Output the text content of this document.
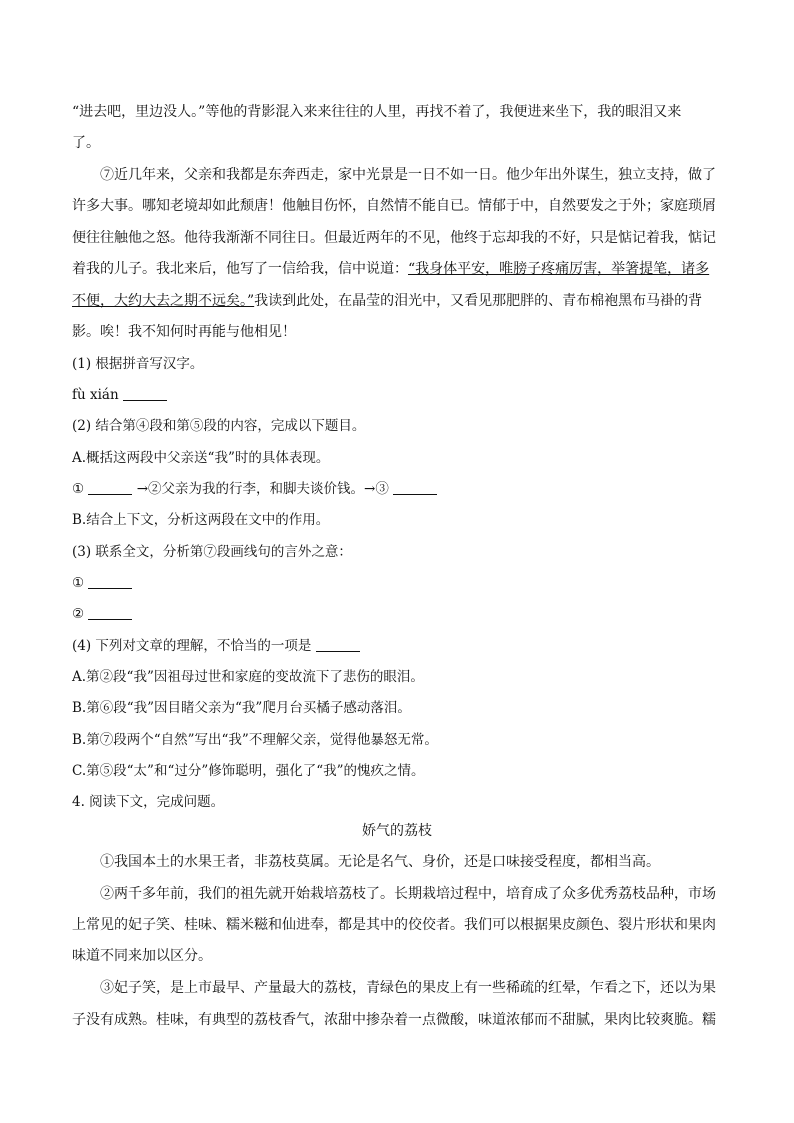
“进去吧，里边没人。”等他的背影混入来来往往的人里，再找不着了，我便进来坐下，我的眼泪又来
了。
⑦近几年来，父亲和我都是东奔西走，家中光景是一日不如一日。他少年出外谋生，独立支持，做了
许多大事。哪知老境却如此颓唐！他触目伤怀，自然情不能自已。情郁于中，自然要发之于外；家庭琐屑
便往往触他之怒。他待我渐渐不同往日。但最近两年的不见，他终于忘却我的不好，只是惦记着我，惦记
着我的儿子。我北来后，他写了一信给我，信中说道：“我身体平安，唯膀子疼痛厉害，举箸提笔，诸多
不便，大约大去之期不远矣。”我读到此处，在晶莹的泪光中，又看见那肥胖的、青布棉袍黑布马褂的背
影。唉！我不知何时再能与他相见！
(1) 根据拼音写汉字。
fù xián
(2) 结合第④段和第⑤段的内容，完成以下题目。
A.概括这两段中父亲送“我”时的具体表现。
①	→②父亲为我的行李，和脚夫谈价钱。→③
B.结合上下文，分析这两段在文中的作用。
(3) 联系全文，分析第⑦段画线句的言外之意：
①
②
(4) 下列对文章的理解，不恰当的一项是
A.第②段“我”因祖母过世和家庭的变故流下了悲伤的眼泪。
B.第⑥段“我”因目睹父亲为“我”爬月台买橘子感动落泪。
B.第⑦段两个“自然”写出“我”不理解父亲，觉得他暴怒无常。
C.第⑤段“太”和“过分”修饰聪明，强化了“我”的愧疚之情。
4. 阅读下文，完成问题。
娇气的荔枝
①我国本土的水果王者，非荔枝莫属。无论是名气、身价，还是口味接受程度，都相当高。
②两千多年前，我们的祖先就开始栽培荔枝了。长期栽培过程中，培育成了众多优秀荔枝品种，市场
上常见的妃子笑、桂味、糯米糍和仙进奉，都是其中的佼佼者。我们可以根据果皮颜色、裂片形状和果肉
味道不同来加以区分。
③妃子笑，是上市最早、产量最大的荔枝，青绿色的果皮上有一些稀疏的红晕，乍看之下，还以为果
子没有成熟。桂味，有典型的荔枝香气，浓甜中掺杂着一点微酸，味道浓郁而不甜腻，果肉比较爽脆。糯
